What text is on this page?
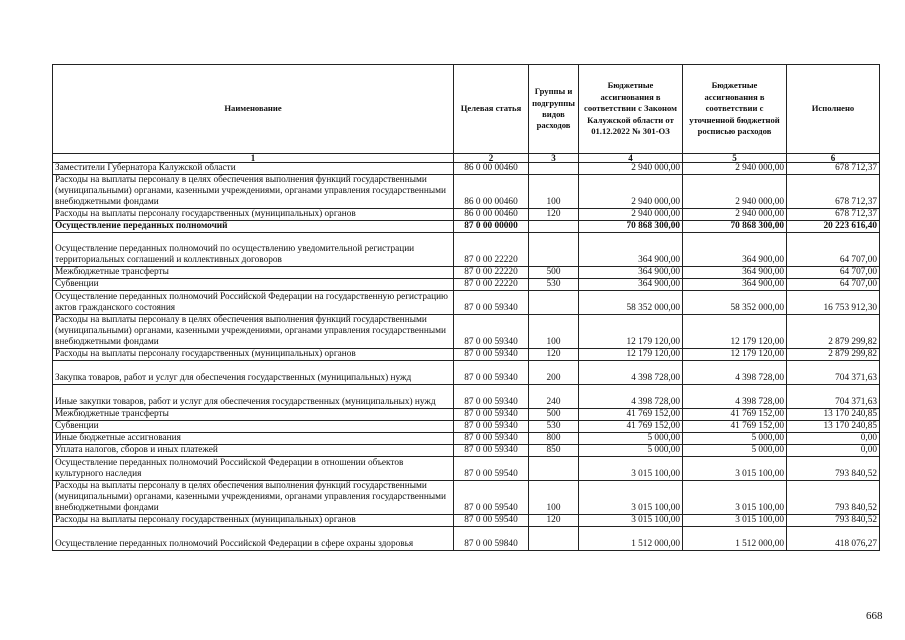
Наименование	Целевая статья	Группы и подгруппы видов расходов	Бюджетные ассигнования в соответствии с Законом Калужской области от 01.12.2022 № 301-ОЗ	Бюджетные ассигнования в соответствии с уточненной бюджетной росписью расходов	Исполнено
1	2	3	4	5	6
Заместители Губернатора Калужской области	86 0 00 00460		2 940 000,00	2 940 000,00	678 712,37
Расходы на выплаты персоналу в целях обеспечения выполнения функций государственными (муниципальными) органами, казенными учреждениями, органами управления государственными внебюджетными фондами	86 0 00 00460	100	2 940 000,00	2 940 000,00	678 712,37
Расходы на выплаты персоналу государственных (муниципальных) органов	86 0 00 00460	120	2 940 000,00	2 940 000,00	678 712,37
Осуществление переданных полномочий	87 0 00 00000		70 868 300,00	70 868 300,00	20 223 616,40
Осуществление переданных полномочий по осуществлению уведомительной регистрации территориальных соглашений и коллективных договоров	87 0 00 22220		364 900,00	364 900,00	64 707,00
Межбюджетные трансферты	87 0 00 22220	500	364 900,00	364 900,00	64 707,00
Субвенции	87 0 00 22220	530	364 900,00	364 900,00	64 707,00
Осуществление переданных полномочий Российской Федерации на государственную регистрацию актов гражданского состояния	87 0 00 59340		58 352 000,00	58 352 000,00	16 753 912,30
Расходы на выплаты персоналу в целях обеспечения выполнения функций государственными (муниципальными) органами, казенными учреждениями, органами управления государственными внебюджетными фондами	87 0 00 59340	100	12 179 120,00	12 179 120,00	2 879 299,82
Расходы на выплаты персоналу государственных (муниципальных) органов	87 0 00 59340	120	12 179 120,00	12 179 120,00	2 879 299,82
Закупка товаров, работ и услуг для обеспечения государственных (муниципальных) нужд	87 0 00 59340	200	4 398 728,00	4 398 728,00	704 371,63
Иные закупки товаров, работ и услуг для обеспечения государственных (муниципальных) нужд	87 0 00 59340	240	4 398 728,00	4 398 728,00	704 371,63
Межбюджетные трансферты	87 0 00 59340	500	41 769 152,00	41 769 152,00	13 170 240,85
Субвенции	87 0 00 59340	530	41 769 152,00	41 769 152,00	13 170 240,85
Иные бюджетные ассигнования	87 0 00 59340	800	5 000,00	5 000,00	0,00
Уплата налогов, сборов и иных платежей	87 0 00 59340	850	5 000,00	5 000,00	0,00
Осуществление переданных полномочий Российской Федерации в отношении объектов культурного наследия	87 0 00 59540		3 015 100,00	3 015 100,00	793 840,52
Расходы на выплаты персоналу в целях обеспечения выполнения функций государственными (муниципальными) органами, казенными учреждениями, органами управления государственными внебюджетными фондами	87 0 00 59540	100	3 015 100,00	3 015 100,00	793 840,52
Расходы на выплаты персоналу государственных (муниципальных) органов	87 0 00 59540	120	3 015 100,00	3 015 100,00	793 840,52
Осуществление переданных полномочий Российской Федерации в сфере охраны здоровья	87 0 00 59840		1 512 000,00	1 512 000,00	418 076,27
668
